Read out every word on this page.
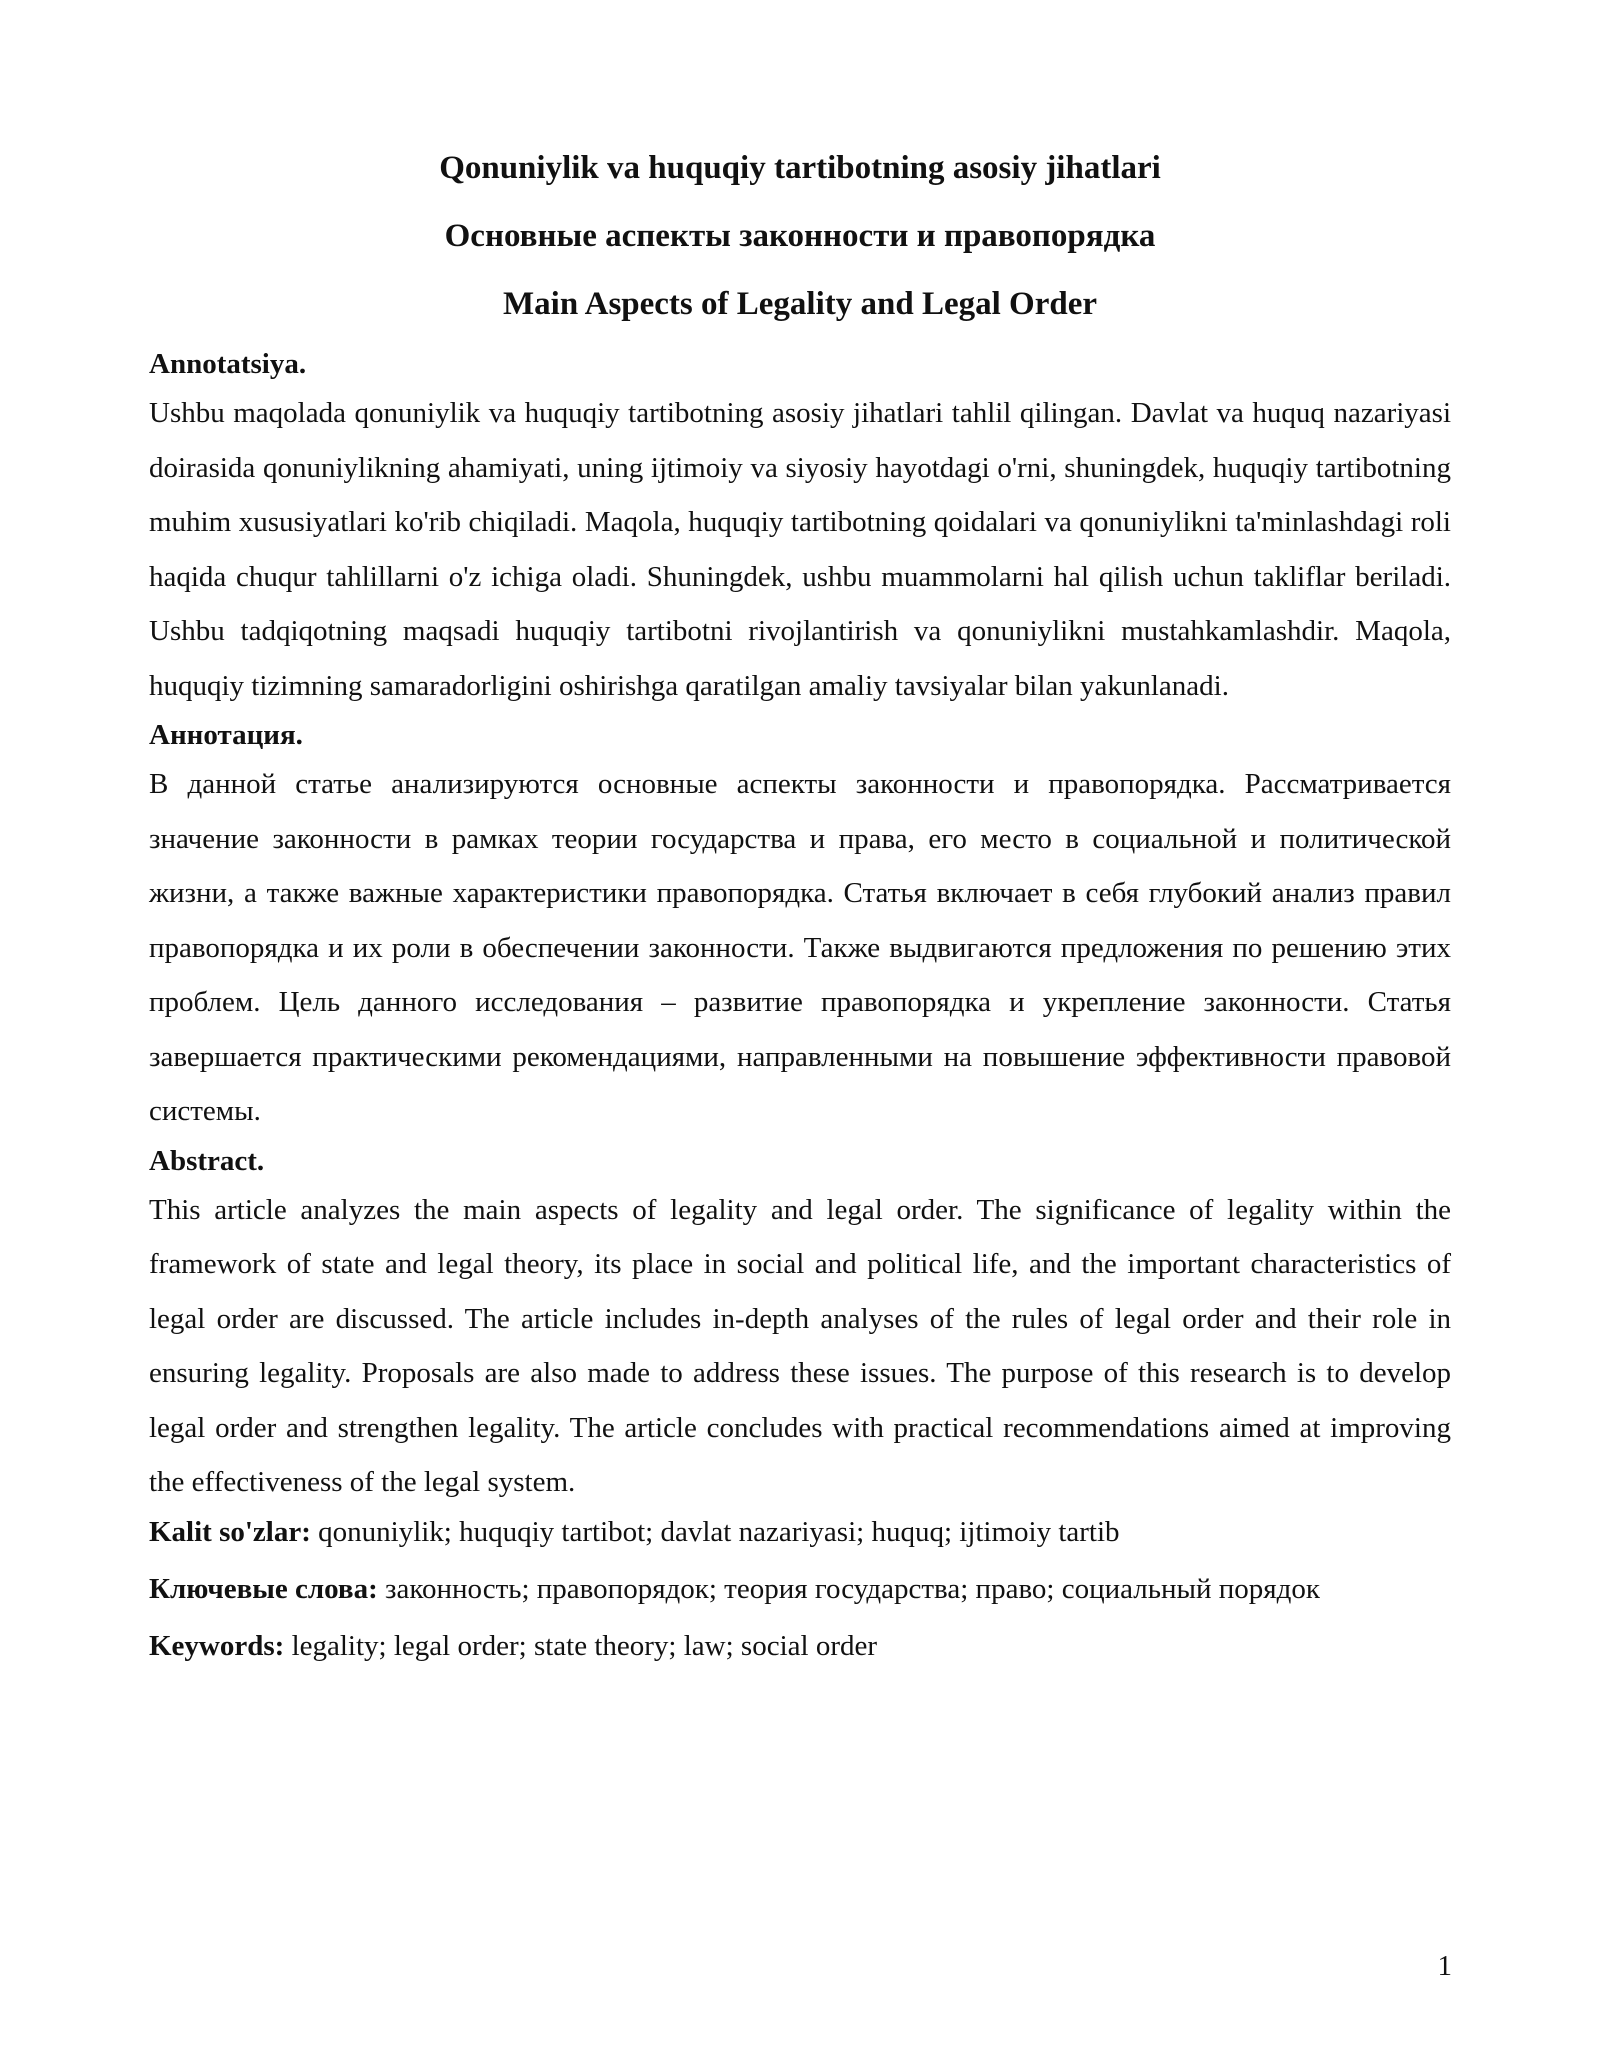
Qonuniylik va huquqiy tartibotning asosiy jihatlari
Основные аспекты законности и правопорядка
Main Aspects of Legality and Legal Order
Annotatsiya.
Ushbu maqolada qonuniylik va huquqiy tartibotning asosiy jihatlari tahlil qilingan. Davlat va huquq nazariyasi doirasida qonuniylikning ahamiyati, uning ijtimoiy va siyosiy hayotdagi o'rni, shuningdek, huquqiy tartibotning muhim xususiyatlari ko'rib chiqiladi. Maqola, huquqiy tartibotning qoidalari va qonuniylikni ta'minlashdagi roli haqida chuqur tahlillarni o'z ichiga oladi. Shuningdek, ushbu muammolarni hal qilish uchun takliflar beriladi. Ushbu tadqiqotning maqsadi huquqiy tartibotni rivojlantirish va qonuniylikni mustahkamlashdir. Maqola, huquqiy tizimning samaradorligini oshirishga qaratilgan amaliy tavsiyalar bilan yakunlanadi.
Аннотация.
В данной статье анализируются основные аспекты законности и правопорядка. Рассматривается значение законности в рамках теории государства и права, его место в социальной и политической жизни, а также важные характеристики правопорядка. Статья включает в себя глубокий анализ правил правопорядка и их роли в обеспечении законности. Также выдвигаются предложения по решению этих проблем. Цель данного исследования – развитие правопорядка и укрепление законности. Статья завершается практическими рекомендациями, направленными на повышение эффективности правовой системы.
Abstract.
This article analyzes the main aspects of legality and legal order. The significance of legality within the framework of state and legal theory, its place in social and political life, and the important characteristics of legal order are discussed. The article includes in-depth analyses of the rules of legal order and their role in ensuring legality. Proposals are also made to address these issues. The purpose of this research is to develop legal order and strengthen legality. The article concludes with practical recommendations aimed at improving the effectiveness of the legal system.
Kalit so'zlar: qonuniylik; huquqiy tartibot; davlat nazariyasi; huquq; ijtimoiy tartib
Ключевые слова: законность; правопорядок; теория государства; право; социальный порядок
Keywords: legality; legal order; state theory; law; social order
1
